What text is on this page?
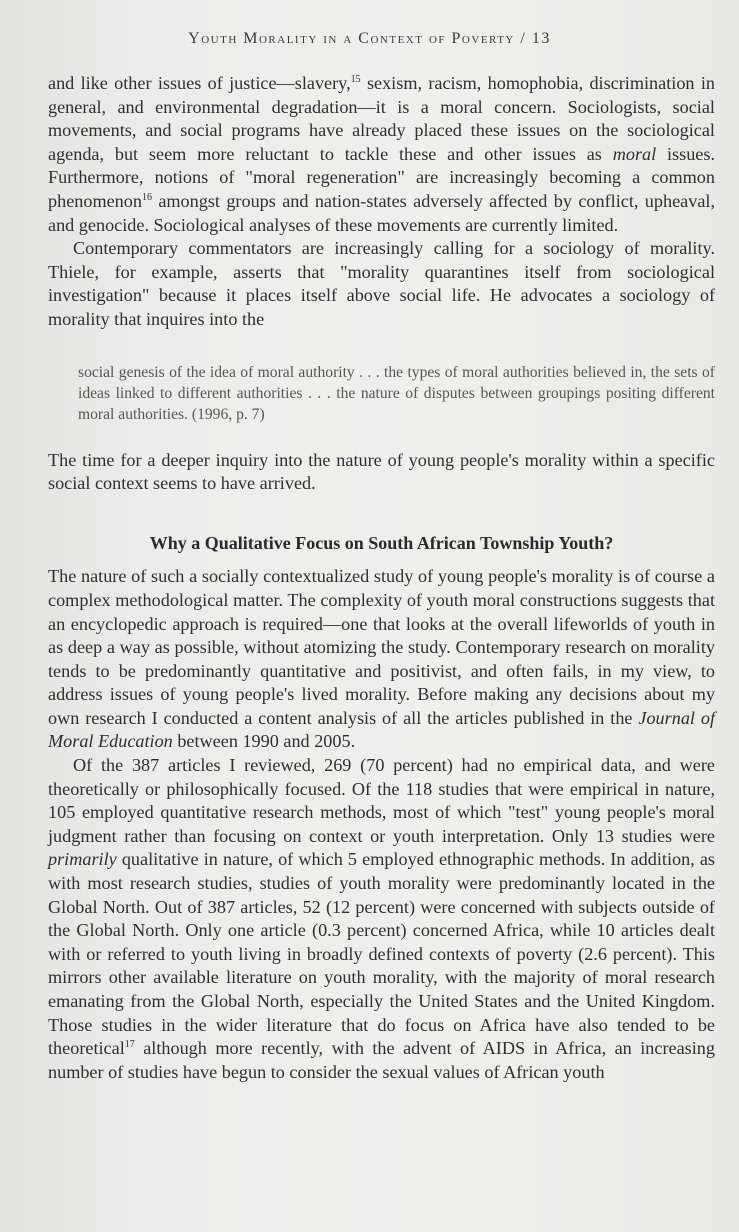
Youth Morality in a Context of Poverty / 13

and like other issues of justice—slavery,$^{15}$ sexism, racism, homophobia, discrimination in general, and environmental degradation—it is a moral concern. Sociologists, social movements, and social programs have already placed these issues on the sociological agenda, but seem more reluctant to tackle these and other issues as moral issues. Furthermore, notions of "moral regeneration" are increasingly becoming a common phenomenon$^{16}$ amongst groups and nation-states adversely affected by conflict, upheaval, and genocide. Sociological analyses of these movements are currently limited.

Contemporary commentators are increasingly calling for a sociology of morality. Thiele, for example, asserts that "morality quarantines itself from sociological investigation" because it places itself above social life. He advocates a sociology of morality that inquires into the

social genesis of the idea of moral authority . . . the types of moral authorities believed in, the sets of ideas linked to different authorities . . . the nature of disputes between groupings positing different moral authorities. (1996, p. 7)

The time for a deeper inquiry into the nature of young people's morality within a specific social context seems to have arrived.

Why a Qualitative Focus on South African Township Youth?

The nature of such a socially contextualized study of young people's morality is of course a complex methodological matter. The complexity of youth moral constructions suggests that an encyclopedic approach is required—one that looks at the overall lifeworlds of youth in as deep a way as possible, without atomizing the study. Contemporary research on morality tends to be predominantly quantitative and positivist, and often fails, in my view, to address issues of young people's lived morality. Before making any decisions about my own research I conducted a content analysis of all the articles published in the Journal of Moral Education between 1990 and 2005.

Of the 387 articles I reviewed, 269 (70 percent) had no empirical data, and were theoretically or philosophically focused. Of the 118 studies that were empirical in nature, 105 employed quantitative research methods, most of which "test" young people's moral judgment rather than focusing on context or youth interpretation. Only 13 studies were primarily qualitative in nature, of which 5 employed ethnographic methods. In addition, as with most research studies, studies of youth morality were predominantly located in the Global North. Out of 387 articles, 52 (12 percent) were concerned with subjects outside of the Global North. Only one article (0.3 percent) concerned Africa, while 10 articles dealt with or referred to youth living in broadly defined contexts of poverty (2.6 percent). This mirrors other available literature on youth morality, with the majority of moral research emanating from the Global North, especially the United States and the United Kingdom. Those studies in the wider literature that do focus on Africa have also tended to be theoretical$^{17}$ although more recently, with the advent of AIDS in Africa, an increasing number of studies have begun to consider the sexual values of African youth
